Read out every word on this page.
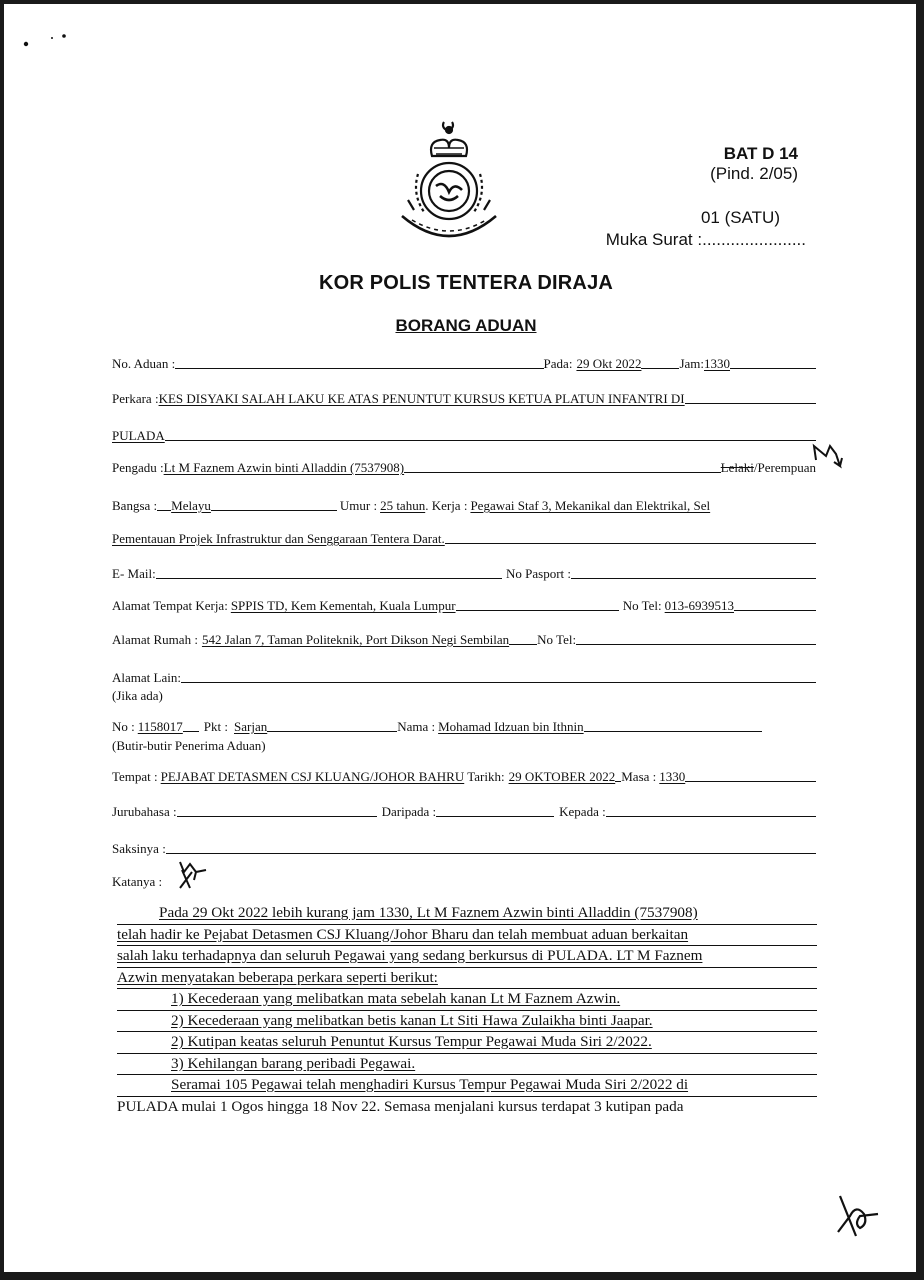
BAT D 14
(Pind. 2/05)
01 (SATU)
Muka Surat :......................
KOR POLIS TENTERA DIRAJA
BORANG ADUAN
No. Aduan :	Pada: 29 Okt 2022	Jam: 1330
Perkara : KES DISYAKI SALAH LAKU KE ATAS PENUNTUT KURSUS KETUA PLATUN INFANTRI DI
PULADA
Pengadu : Lt M Faznem Azwin binti Alladdin (7537908)	Lelaki / Perempuan
Bangsa : Melayu	Umur : 25 tahun . Kerja : Pegawai Staf 3, Mekanikal dan Elektrikal, Sel
Pementauan Projek Infrastruktur dan Senggaraan Tentera Darat.
E- Mail:	No Pasport :
Alamat Tempat Kerja: SPPIS TD, Kem Kementah, Kuala Lumpur	No Tel: 013-6939513
Alamat Rumah : 542 Jalan 7, Taman Politeknik, Port Dikson Negi Sembilan No Tel:
Alamat Lain:
(Jika ada)
No : 1158017 Pkt : Sarjan	Nama : Mohamad Idzuan bin Ithnin
(Butir-butir Penerima Aduan)
Tempat : PEJABAT DETASMEN CSJ KLUANG/JOHOR BAHRU Tarikh: 29 OKTOBER 2022 Masa : 1330
Jurubahasa :	Daripada :	Kepada :
Saksinya :
Katanya :
Pada 29 Okt 2022 lebih kurang jam 1330, Lt M Faznem Azwin binti Alladdin (7537908)
telah hadir ke Pejabat Detasmen CSJ Kluang/Johor Bharu dan telah membuat aduan berkaitan
salah laku terhadapnya dan seluruh Pegawai yang sedang berkursus di PULADA. LT M Faznem
Azwin menyatakan beberapa perkara seperti berikut:
1) Kecederaan yang melibatkan mata sebelah kanan Lt M Faznem Azwin.
2) Kecederaan yang melibatkan betis kanan Lt Siti Hawa Zulaikha binti Jaapar.
2) Kutipan keatas seluruh Penuntut Kursus Tempur Pegawai Muda Siri 2/2022.
3) Kehilangan barang peribadi Pegawai.
Seramai 105 Pegawai telah menghadiri Kursus Tempur Pegawai Muda Siri 2/2022 di
PULADA mulai 1 Ogos hingga 18 Nov 22. Semasa menjalani kursus terdapat 3 kutipan pada
